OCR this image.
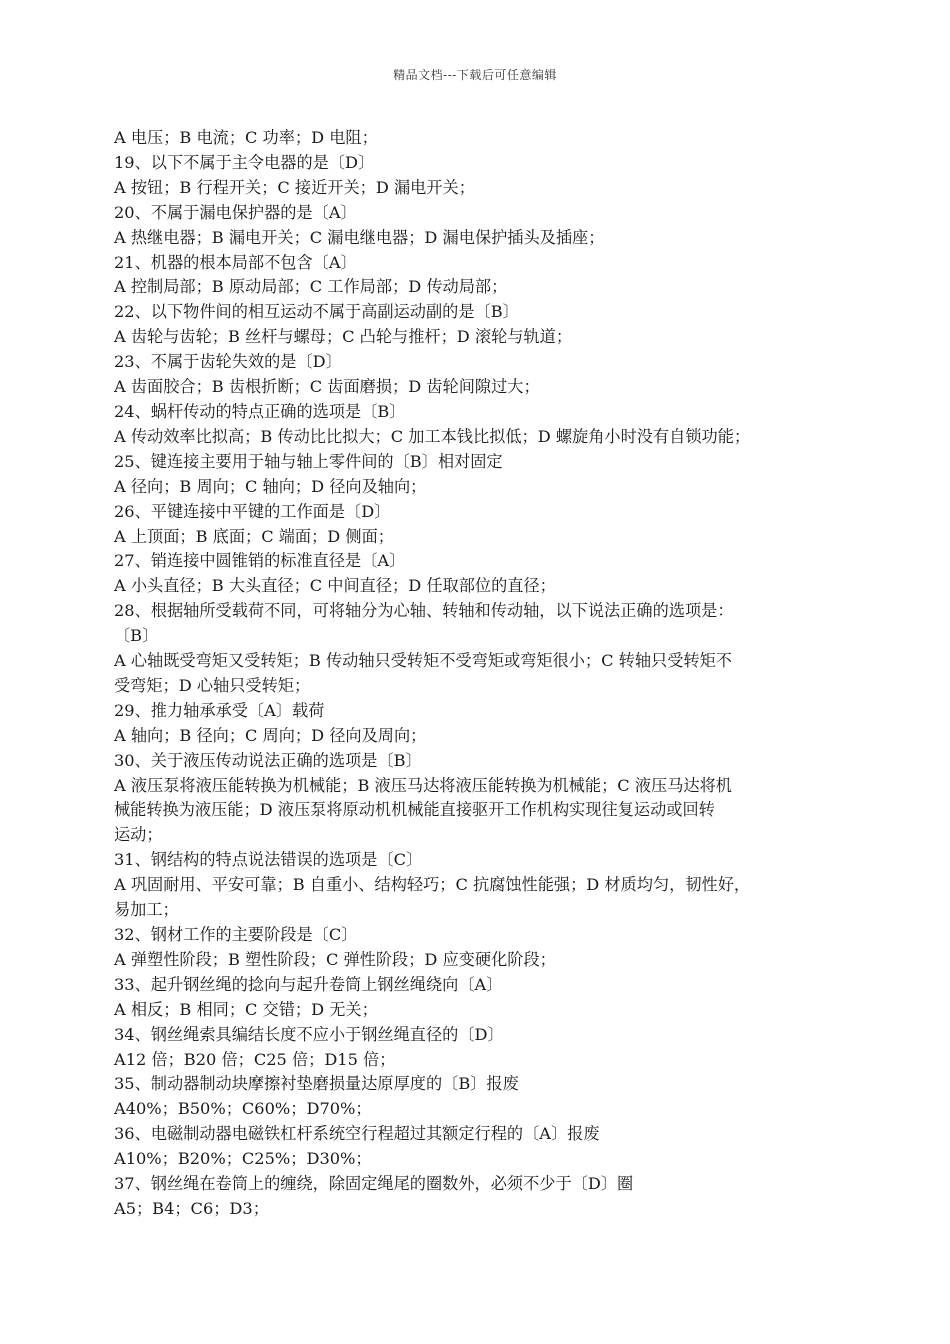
精品文档---下载后可任意编辑
A 电压；B 电流；C 功率；D 电阻；
19、以下不属于主令电器的是〔D〕
A 按钮；B 行程开关；C 接近开关；D 漏电开关；
20、不属于漏电保护器的是〔A〕
A 热继电器；B 漏电开关；C 漏电继电器；D 漏电保护插头及插座；
21、机器的根本局部不包含〔A〕
A 控制局部；B 原动局部；C 工作局部；D 传动局部；
22、以下物件间的相互运动不属于高副运动副的是〔B〕
A 齿轮与齿轮；B 丝杆与螺母；C 凸轮与推杆；D 滚轮与轨道；
23、不属于齿轮失效的是〔D〕
A 齿面胶合；B 齿根折断；C 齿面磨损；D 齿轮间隙过大；
24、蜗杆传动的特点正确的选项是〔B〕
A 传动效率比拟高；B 传动比比拟大；C 加工本钱比拟低；D 螺旋角小时没有自锁功能；
25、键连接主要用于轴与轴上零件间的〔B〕相对固定
A 径向；B 周向；C 轴向；D 径向及轴向；
26、平键连接中平键的工作面是〔D〕
A 上顶面；B 底面；C 端面；D 侧面；
27、销连接中圆锥销的标准直径是〔A〕
A 小头直径；B 大头直径；C 中间直径；D 任取部位的直径；
28、根据轴所受载荷不同，可将轴分为心轴、转轴和传动轴，以下说法正确的选项是：
〔B〕
A 心轴既受弯矩又受转矩；B 传动轴只受转矩不受弯矩或弯矩很小；C 转轴只受转矩不
受弯矩；D 心轴只受转矩；
29、推力轴承承受〔A〕载荷
A 轴向；B 径向；C 周向；D 径向及周向；
30、关于液压传动说法正确的选项是〔B〕
A 液压泵将液压能转换为机械能；B 液压马达将液压能转换为机械能；C 液压马达将机
械能转换为液压能；D 液压泵将原动机机械能直接驱开工作机构实现往复运动或回转
运动；
31、钢结构的特点说法错误的选项是〔C〕
A 巩固耐用、平安可靠；B 自重小、结构轻巧；C 抗腐蚀性能强；D 材质均匀，韧性好，
易加工；
32、钢材工作的主要阶段是〔C〕
A 弹塑性阶段；B 塑性阶段；C 弹性阶段；D 应变硬化阶段；
33、起升钢丝绳的捻向与起升卷筒上钢丝绳绕向〔A〕
A 相反；B 相同；C 交错；D 无关；
34、钢丝绳索具编结长度不应小于钢丝绳直径的〔D〕
A12 倍；B20 倍；C25 倍；D15 倍；
35、制动器制动块摩擦衬垫磨损量达原厚度的〔B〕报废
A40%；B50%；C60%；D70%；
36、电磁制动器电磁铁杠杆系统空行程超过其额定行程的〔A〕报废
A10%；B20%；C25%；D30%；
37、钢丝绳在卷筒上的缠绕，除固定绳尾的圈数外，必须不少于〔D〕圈
A5；B4；C6；D3；
